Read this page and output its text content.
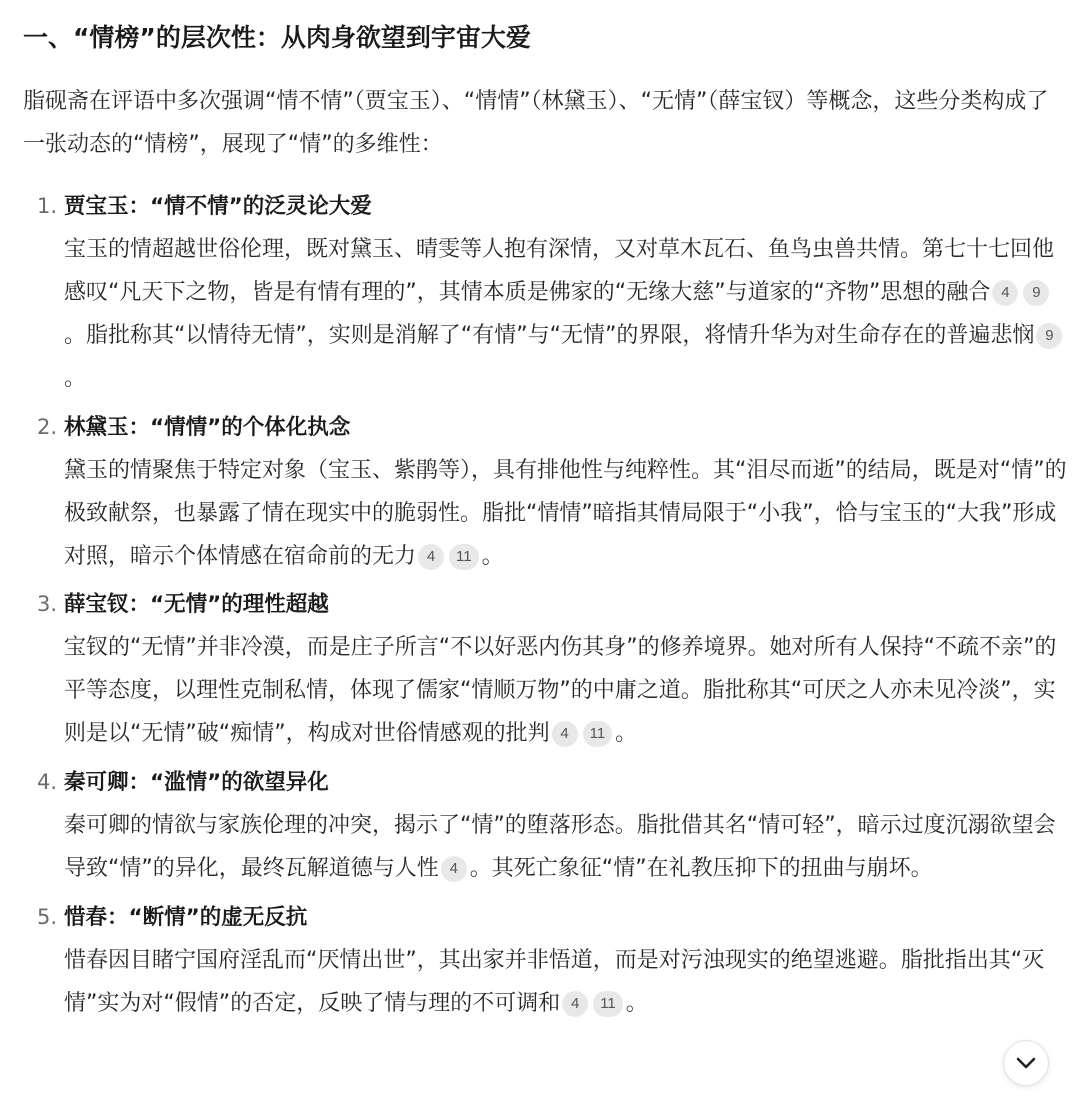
一、“情榜”的层次性：从肉身欲望到宇宙大爱
脂砚斋在评语中多次强调“情不情”（贾宝玉）、“情情”（林黛玉）、“无情”（薛宝钗）等概念，这些分类构成了一张动态的“情榜”，展现了“情”的多维性：
1. 贾宝玉：“情不情”的泛灵论大爱
宝玉的情超越世俗伦理，既对黛玉、晴雯等人抱有深情，又对草木瓦石、鱼鸟虫兽共情。第七十七回他感叹“凡天下之物，皆是有情有理的”，其情本质是佛家的“无缘大慈”与道家的“齐物”思想的融合 4 9。脂批称其“以情待无情”，实则是消解了“有情”与“无情”的界限，将情升华为对生命存在的普遍悲悯 9。
2. 林黛玉：“情情”的个体化执念
黛玉的情聚焦于特定对象（宝玉、紫鹃等），具有排他性与纯粹性。其“泪尽而逝”的结局，既是对“情”的极致献祭，也暴露了情在现实中的脆弱性。脂批“情情”暗指其情局限于“小我”，恰与宝玉的“大我”形成对照，暗示个体情感在宿命前的无力 4 11 。
3. 薛宝钗：“无情”的理性超越
宝钗的“无情”并非冷漠，而是庄子所言“不以好恶内伤其身”的修养境界。她对所有人保持“不疏不亲”的平等态度，以理性克制私情，体现了儒家“情顺万物”的中庸之道。脂批称其“可厌之人亦未见冷淡”，实则是以“无情”破“痴情”，构成对世俗情感观的批判 4 11 。
4. 秦可卿：“滥情”的欲望异化
秦可卿的情欲与家族伦理的冲突，揭示了“情”的堕落形态。脂批借其名“情可轻”，暗示过度沉溺欲望会导致“情”的异化，最终瓦解道德与人性 4 。其死亡象征“情”在礼教压抑下的扭曲与崩坏。
5. 惜春：“断情”的虚无反抗
惜春因目睹宁国府淫乱而“厌情出世”，其出家并非悟道，而是对污浊现实的绝望逃避。脂批指出其“灭情”实为对“假情”的否定，反映了情与理的不可调和 4 11 。
